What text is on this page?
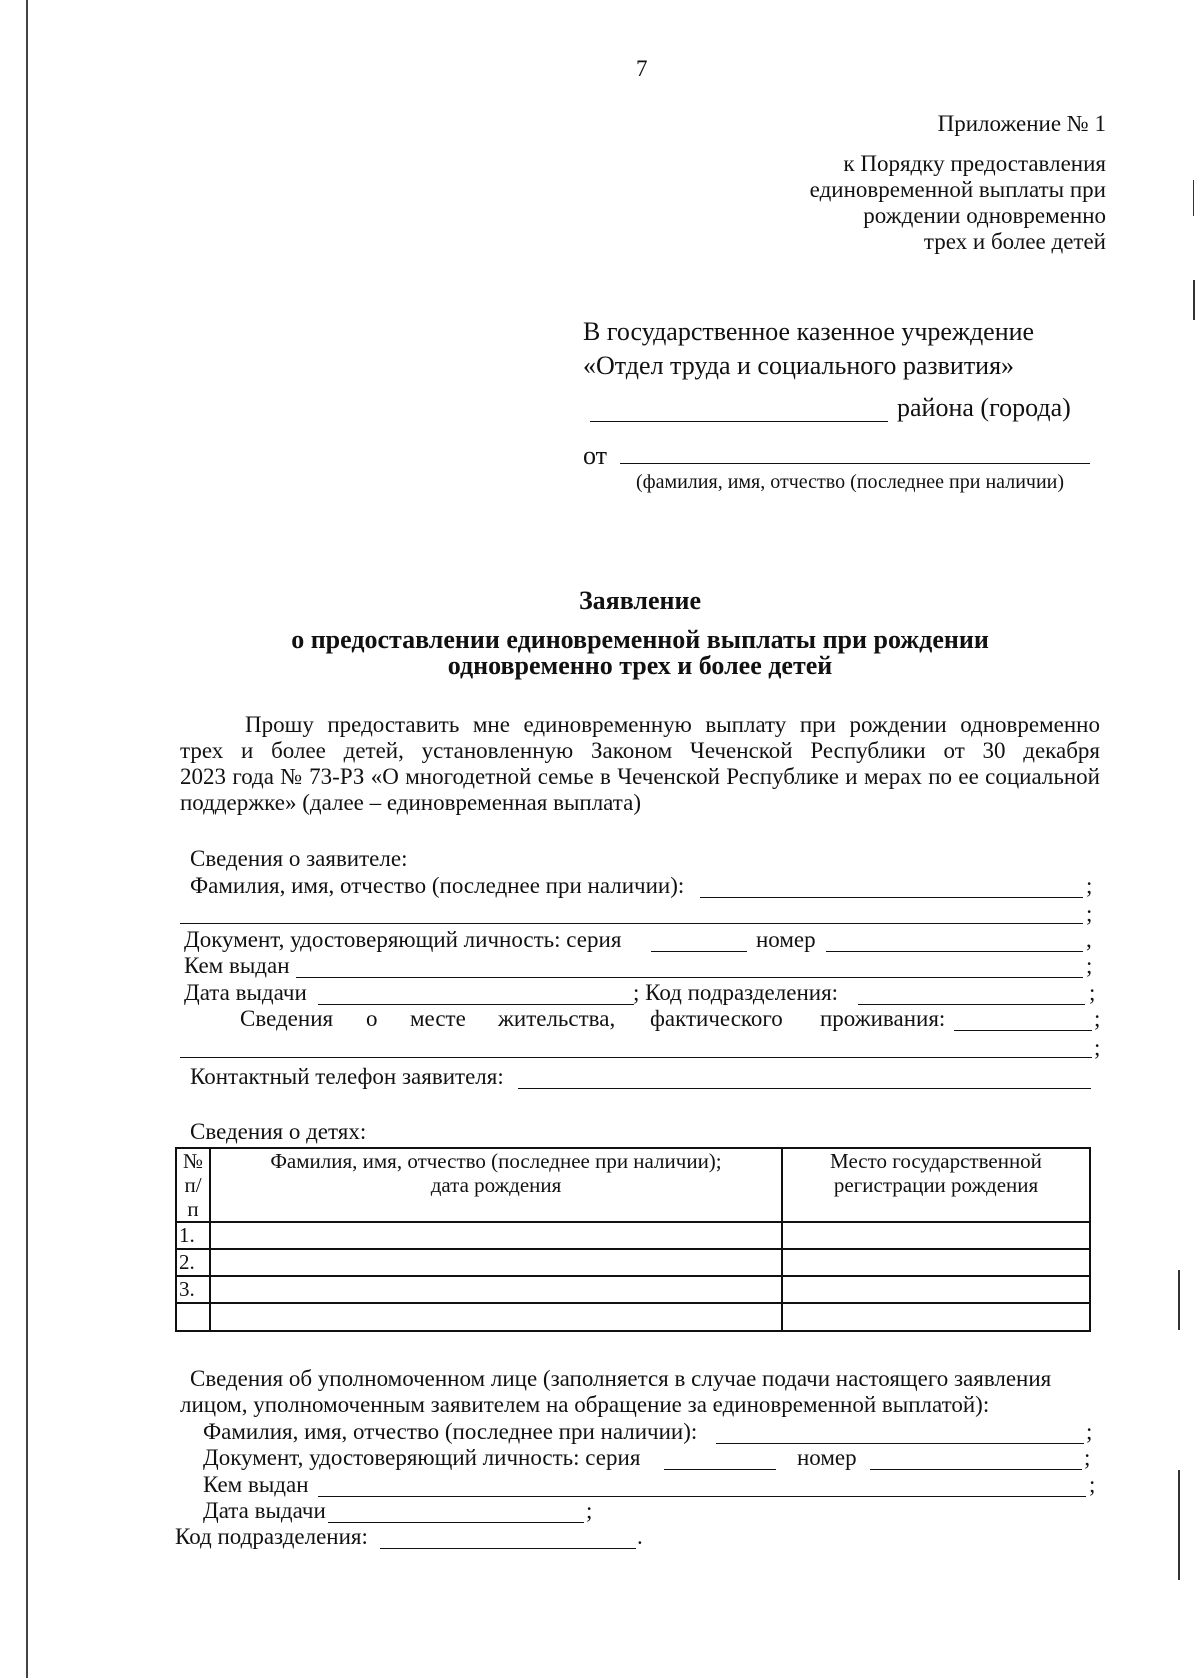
7
Приложение № 1
к Порядку предоставления
единовременной выплаты при
рождении одновременно
трех и более детей
В государственное казенное учреждение
«Отдел труда и социального развития»
района (города)
от
(фамилия, имя, отчество (последнее при наличии)
Заявление
о предоставлении единовременной выплаты при рождении
одновременно трех и более детей
Прошу предоставить мне единовременную выплату при рождении одновременно
трех и более детей, установленную Законом Чеченской Республики от 30 декабря
2023 года № 73-РЗ «О многодетной семье в Чеченской Республике и мерах по ее социальной
поддержке» (далее – единовременная выплата)
Сведения о заявителе:
Фамилия, имя, отчество (последнее при наличии):	;
;
Документ, удостоверяющий личность: серия	номер	,
Кем выдан	;
Дата выдачи	; Код подразделения:	;
Сведения о месте жительства, фактического проживания:	;
;
Контактный телефон заявителя:
Сведения о детях:
№ п/п	Фамилия, имя, отчество (последнее при наличии); дата рождения	Место государственной регистрации рождения
1.		
2.		
3.		

Сведения об уполномоченном лице (заполняется в случае подачи настоящего заявления
лицом, уполномоченным заявителем на обращение за единовременной выплатой):
Фамилия, имя, отчество (последнее при наличии):	;
Документ, удостоверяющий личность: серия	номер	;
Кем выдан	;
Дата выдачи	;
Код подразделения:	.
